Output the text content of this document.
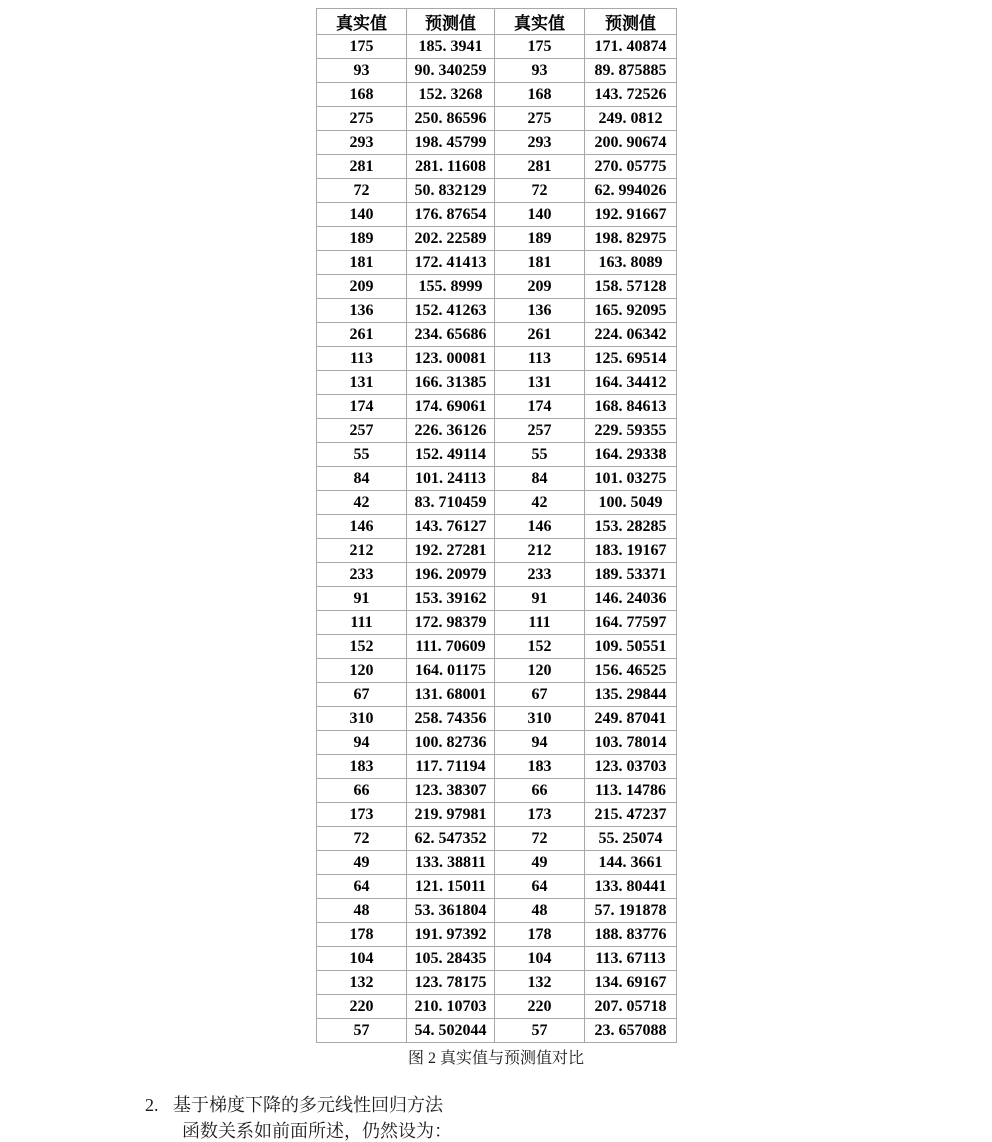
真实值	预测值	真实值	预测值
175	185. 3941	175	171. 40874
93	90. 340259	93	89. 875885
168	152. 3268	168	143. 72526
275	250. 86596	275	249. 0812
293	198. 45799	293	200. 90674
281	281. 11608	281	270. 05775
72	50. 832129	72	62. 994026
140	176. 87654	140	192. 91667
189	202. 22589	189	198. 82975
181	172. 41413	181	163. 8089
209	155. 8999	209	158. 57128
136	152. 41263	136	165. 92095
261	234. 65686	261	224. 06342
113	123. 00081	113	125. 69514
131	166. 31385	131	164. 34412
174	174. 69061	174	168. 84613
257	226. 36126	257	229. 59355
55	152. 49114	55	164. 29338
84	101. 24113	84	101. 03275
42	83. 710459	42	100. 5049
146	143. 76127	146	153. 28285
212	192. 27281	212	183. 19167
233	196. 20979	233	189. 53371
91	153. 39162	91	146. 24036
111	172. 98379	111	164. 77597
152	111. 70609	152	109. 50551
120	164. 01175	120	156. 46525
67	131. 68001	67	135. 29844
310	258. 74356	310	249. 87041
94	100. 82736	94	103. 78014
183	117. 71194	183	123. 03703
66	123. 38307	66	113. 14786
173	219. 97981	173	215. 47237
72	62. 547352	72	55. 25074
49	133. 38811	49	144. 3661
64	121. 15011	64	133. 80441
48	53. 361804	48	57. 191878
178	191. 97392	178	188. 83776
104	105. 28435	104	113. 67113
132	123. 78175	132	134. 69167
220	210. 10703	220	207. 05718
57	54. 502044	57	23. 657088
图 2 真实值与预测值对比
2. 基于梯度下降的多元线性回归方法
函数关系如前面所述，仍然设为：
